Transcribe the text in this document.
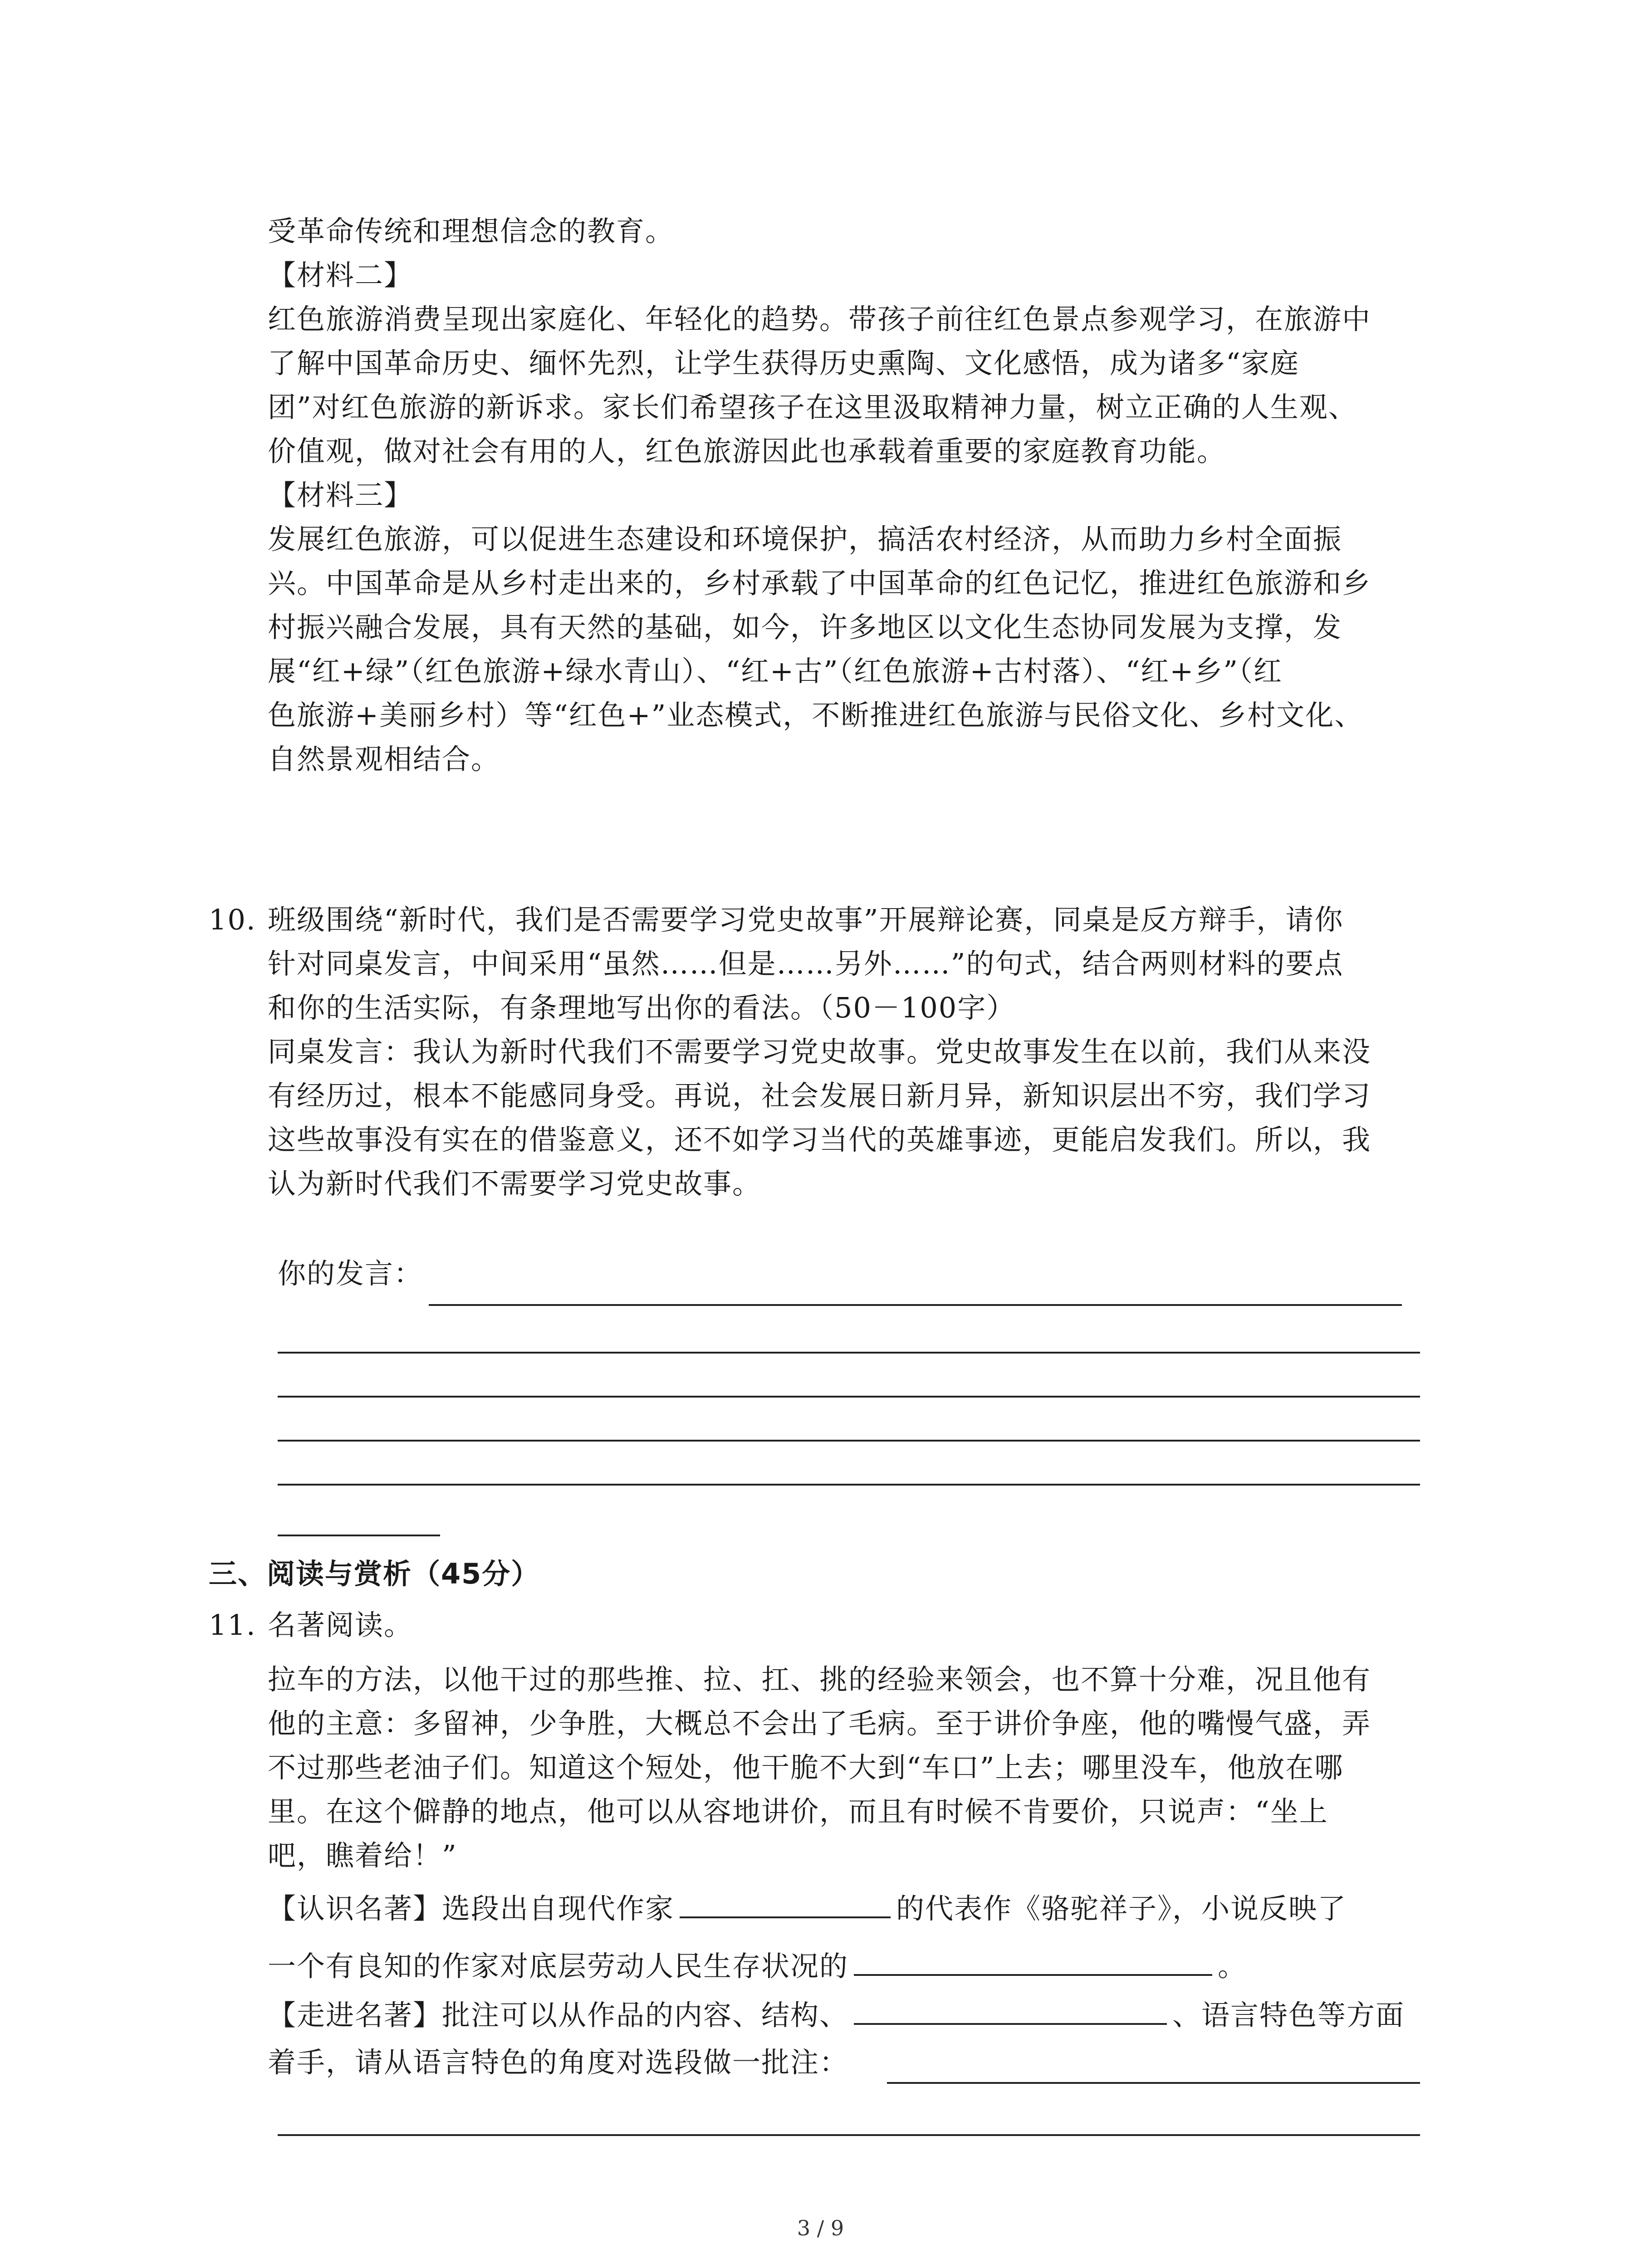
受革命传统和理想信念的教育。
【材料二】
红色旅游消费呈现出家庭化、年轻化的趋势。带孩子前往红色景点参观学习，在旅游中
了解中国革命历史、缅怀先烈，让学生获得历史熏陶、文化感悟，成为诸多“家庭
团”对红色旅游的新诉求。家长们希望孩子在这里汲取精神力量，树立正确的人生观、
价值观，做对社会有用的人，红色旅游因此也承载着重要的家庭教育功能。
【材料三】
发展红色旅游，可以促进生态建设和环境保护，搞活农村经济，从而助力乡村全面振
兴。中国革命是从乡村走出来的，乡村承载了中国革命的红色记忆，推进红色旅游和乡
村振兴融合发展，具有天然的基础，如今，许多地区以文化生态协同发展为支撑，发
展“红+绿”（红色旅游+绿水青山）、“红+古”（红色旅游+古村落）、“红+乡”（红
色旅游+美丽乡村）等“红色+”业态模式，不断推进红色旅游与民俗文化、乡村文化、
自然景观相结合。
10. 班级围绕“新时代，我们是否需要学习党史故事”开展辩论赛，同桌是反方辩手，请你
针对同桌发言，中间采用“虽然……但是……另外……”的句式，结合两则材料的要点
和你的生活实际，有条理地写出你的看法。（50－100字）
同桌发言：我认为新时代我们不需要学习党史故事。党史故事发生在以前，我们从来没
有经历过，根本不能感同身受。再说，社会发展日新月异，新知识层出不穷，我们学习
这些故事没有实在的借鉴意义，还不如学习当代的英雄事迹，更能启发我们。所以，我
认为新时代我们不需要学习党史故事。
你的发言：
三、阅读与赏析（45分）
11. 名著阅读。
拉车的方法，以他干过的那些推、拉、扛、挑的经验来领会，也不算十分难，况且他有
他的主意：多留神，少争胜，大概总不会出了毛病。至于讲价争座，他的嘴慢气盛，弄
不过那些老油子们。知道这个短处，他干脆不大到“车口”上去；哪里没车，他放在哪
里。在这个僻静的地点，他可以从容地讲价，而且有时候不肯要价，只说声：“坐上
吧，瞧着给！”
【认识名著】选段出自现代作家	的代表作《骆驼祥子》，小说反映了
一个有良知的作家对底层劳动人民生存状况的	。
【走进名著】批注可以从作品的内容、结构、	、语言特色等方面
着手，请从语言特色的角度对选段做一批注：
3 / 9
